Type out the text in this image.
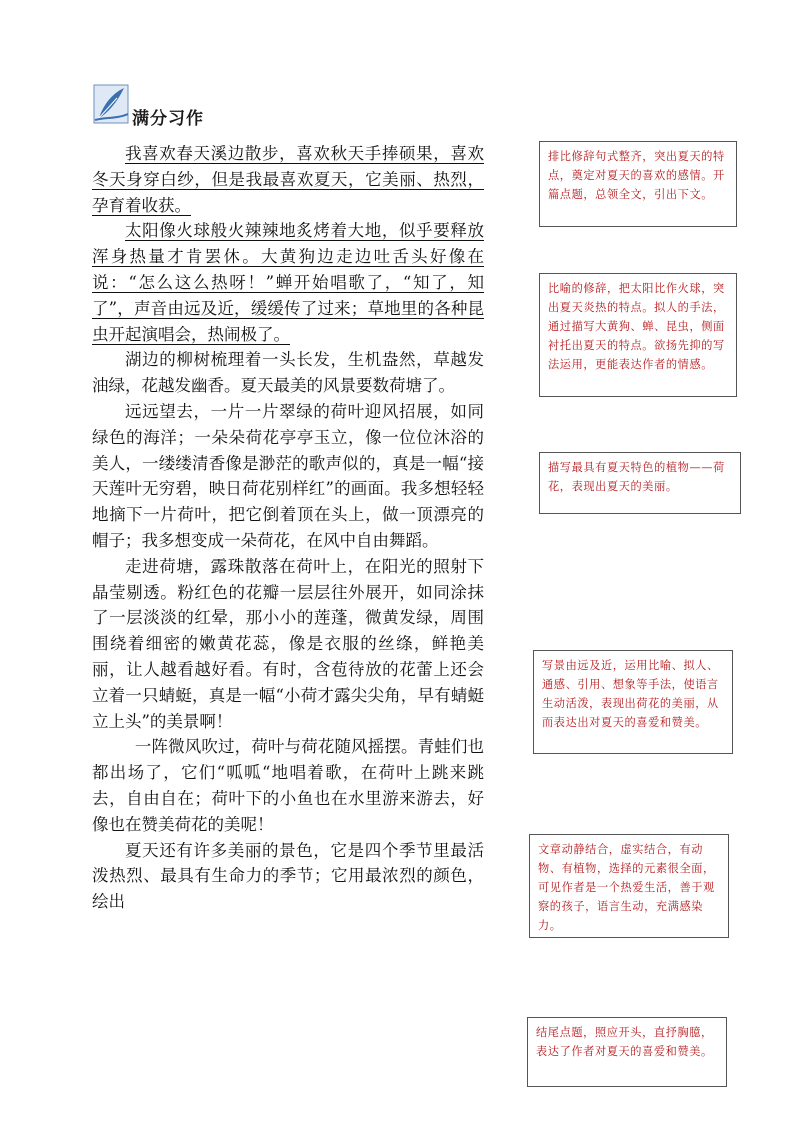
满分习作

我喜欢春天溪边散步，喜欢秋天手捧硕果，喜欢冬天身穿白纱，但是我最喜欢夏天，它美丽、热烈，孕育着收获。

太阳像火球般火辣辣地炙烤着大地，似乎要释放浑身热量才肯罢休。大黄狗边走边吐舌头好像在说：“怎么这么热呀！”蝉开始唱歌了，“知了，知了”，声音由远及近，缓缓传了过来；草地里的各种昆虫开起演唱会，热闹极了。

湖边的柳树梳理着一头长发，生机盎然，草越发油绿，花越发幽香。夏天最美的风景要数荷塘了。

远远望去，一片一片翠绿的荷叶迎风招展，如同绿色的海洋；一朵朵荷花亭亭玉立，像一位位沐浴的美人，一缕缕清香像是渺茫的歌声似的，真是一幅“接天莲叶无穷碧，映日荷花别样红”的画面。我多想轻轻地摘下一片荷叶，把它倒着顶在头上，做一顶漂亮的帽子；我多想变成一朵荷花，在风中自由舞蹈。

走进荷塘，露珠散落在荷叶上，在阳光的照射下晶莹剔透。粉红色的花瓣一层层往外展开，如同涂抹了一层淡淡的红晕，那小小的莲蓬，微黄发绿，周围围绕着细密的嫩黄花蕊，像是衣服的丝绦，鲜艳美丽，让人越看越好看。有时，含苞待放的花蕾上还会立着一只蜻蜓，真是一幅“小荷才露尖尖角，早有蜻蜓立上头”的美景啊！

一阵微风吹过，荷叶与荷花随风摇摆。青蛙们也都出场了，它们“呱呱“地唱着歌，在荷叶上跳来跳去，自由自在；荷叶下的小鱼也在水里游来游去，好像也在赞美荷花的美呢！

夏天还有许多美丽的景色，它是四个季节里最活泼热烈、最具有生命力的季节；它用最浓烈的颜色，绘出

排比修辞句式整齐，突出夏天的特点，奠定对夏天的喜欢的感情。开篇点题，总领全文，引出下文。
比喻的修辞，把太阳比作火球，突出夏天炎热的特点。拟人的手法，通过描写大黄狗、蝉、昆虫，侧面衬托出夏天的特点。欲扬先抑的写法运用，更能表达作者的情感。
描写最具有夏天特色的植物——荷花，表现出夏天的美丽。
写景由远及近，运用比喻、拟人、通感、引用、想象等手法，使语言生动活泼，表现出荷花的美丽，从而表达出对夏天的喜爱和赞美。
文章动静结合，虚实结合，有动物、有植物，选择的元素很全面，可见作者是一个热爱生活，善于观察的孩子，语言生动，充满感染力。
结尾点题，照应开头，直抒胸臆，表达了作者对夏天的喜爱和赞美。
